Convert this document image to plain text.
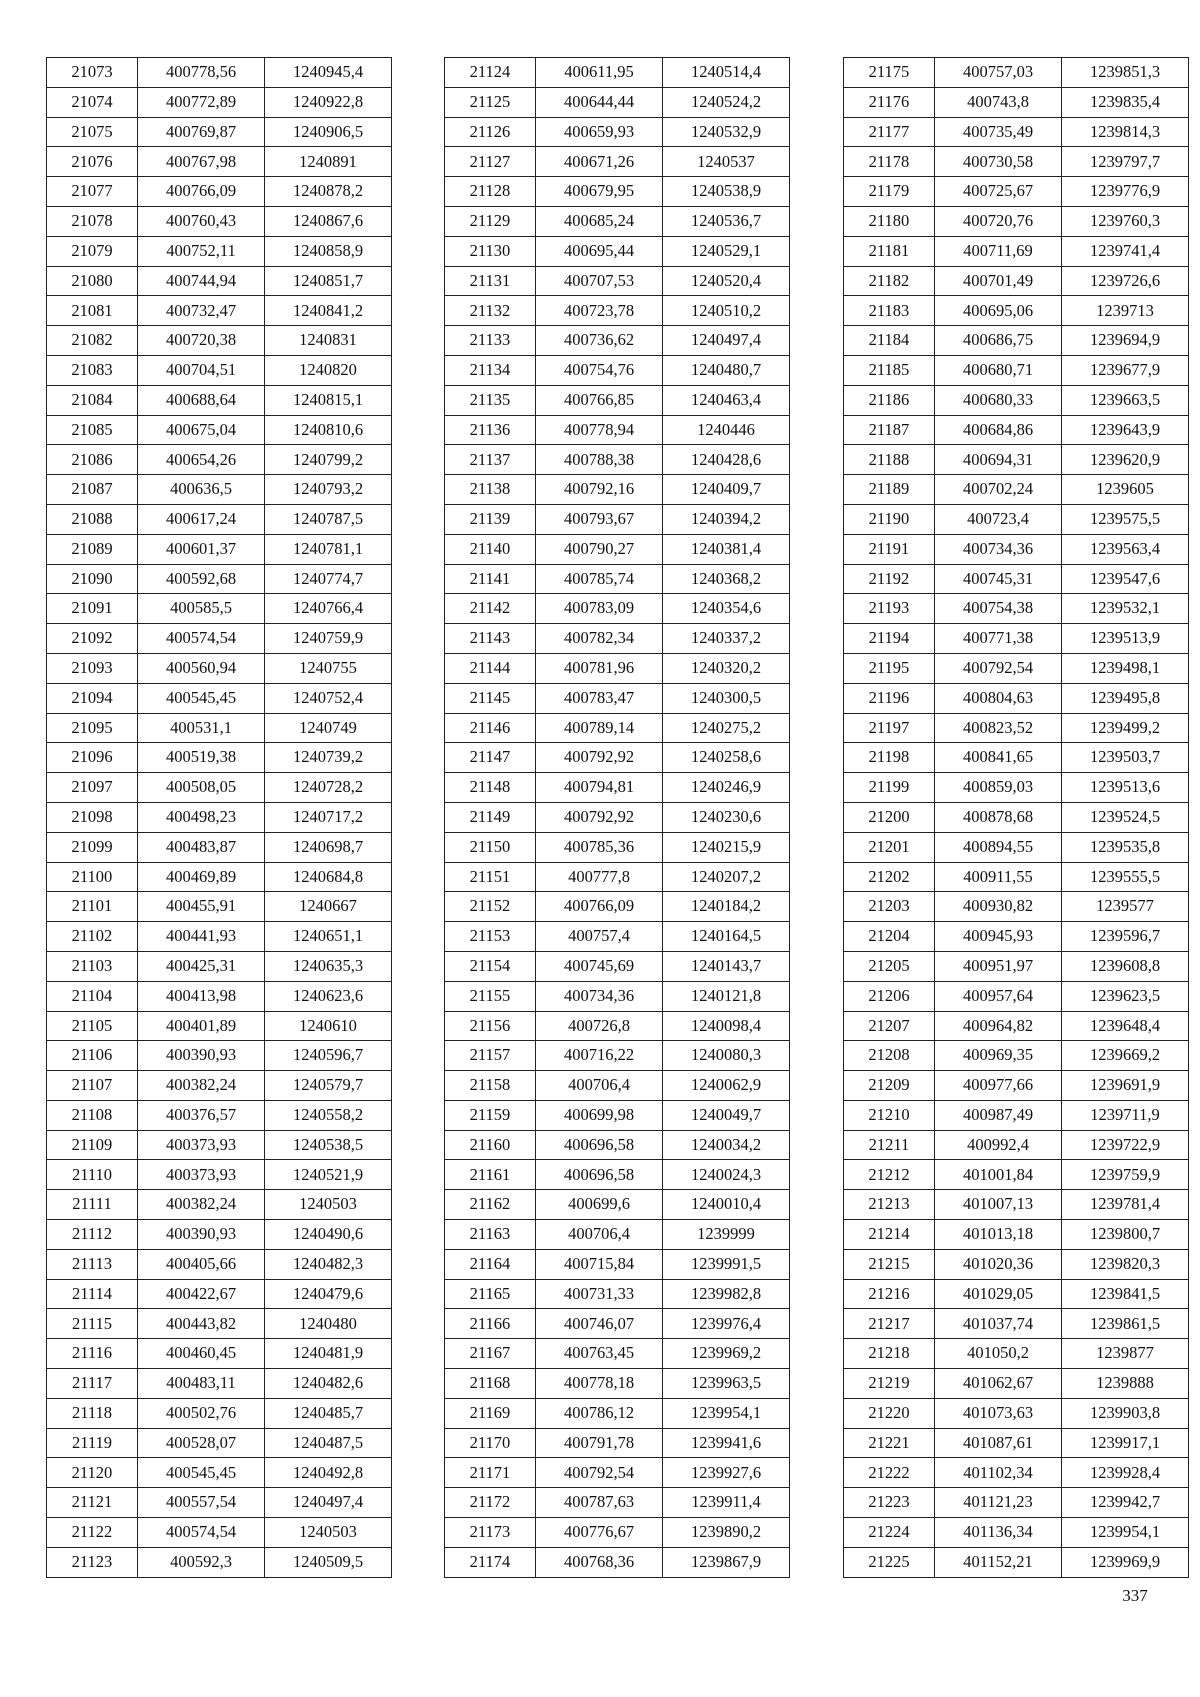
21073	400778,56	1240945,4
21074	400772,89	1240922,8
21075	400769,87	1240906,5
21076	400767,98	1240891
21077	400766,09	1240878,2
21078	400760,43	1240867,6
21079	400752,11	1240858,9
21080	400744,94	1240851,7
21081	400732,47	1240841,2
21082	400720,38	1240831
21083	400704,51	1240820
21084	400688,64	1240815,1
21085	400675,04	1240810,6
21086	400654,26	1240799,2
21087	400636,5	1240793,2
21088	400617,24	1240787,5
21089	400601,37	1240781,1
21090	400592,68	1240774,7
21091	400585,5	1240766,4
21092	400574,54	1240759,9
21093	400560,94	1240755
21094	400545,45	1240752,4
21095	400531,1	1240749
21096	400519,38	1240739,2
21097	400508,05	1240728,2
21098	400498,23	1240717,2
21099	400483,87	1240698,7
21100	400469,89	1240684,8
21101	400455,91	1240667
21102	400441,93	1240651,1
21103	400425,31	1240635,3
21104	400413,98	1240623,6
21105	400401,89	1240610
21106	400390,93	1240596,7
21107	400382,24	1240579,7
21108	400376,57	1240558,2
21109	400373,93	1240538,5
21110	400373,93	1240521,9
21111	400382,24	1240503
21112	400390,93	1240490,6
21113	400405,66	1240482,3
21114	400422,67	1240479,6
21115	400443,82	1240480
21116	400460,45	1240481,9
21117	400483,11	1240482,6
21118	400502,76	1240485,7
21119	400528,07	1240487,5
21120	400545,45	1240492,8
21121	400557,54	1240497,4
21122	400574,54	1240503
21123	400592,3	1240509,5
21124	400611,95	1240514,4
21125	400644,44	1240524,2
21126	400659,93	1240532,9
21127	400671,26	1240537
21128	400679,95	1240538,9
21129	400685,24	1240536,7
21130	400695,44	1240529,1
21131	400707,53	1240520,4
21132	400723,78	1240510,2
21133	400736,62	1240497,4
21134	400754,76	1240480,7
21135	400766,85	1240463,4
21136	400778,94	1240446
21137	400788,38	1240428,6
21138	400792,16	1240409,7
21139	400793,67	1240394,2
21140	400790,27	1240381,4
21141	400785,74	1240368,2
21142	400783,09	1240354,6
21143	400782,34	1240337,2
21144	400781,96	1240320,2
21145	400783,47	1240300,5
21146	400789,14	1240275,2
21147	400792,92	1240258,6
21148	400794,81	1240246,9
21149	400792,92	1240230,6
21150	400785,36	1240215,9
21151	400777,8	1240207,2
21152	400766,09	1240184,2
21153	400757,4	1240164,5
21154	400745,69	1240143,7
21155	400734,36	1240121,8
21156	400726,8	1240098,4
21157	400716,22	1240080,3
21158	400706,4	1240062,9
21159	400699,98	1240049,7
21160	400696,58	1240034,2
21161	400696,58	1240024,3
21162	400699,6	1240010,4
21163	400706,4	1239999
21164	400715,84	1239991,5
21165	400731,33	1239982,8
21166	400746,07	1239976,4
21167	400763,45	1239969,2
21168	400778,18	1239963,5
21169	400786,12	1239954,1
21170	400791,78	1239941,6
21171	400792,54	1239927,6
21172	400787,63	1239911,4
21173	400776,67	1239890,2
21174	400768,36	1239867,9
21175	400757,03	1239851,3
21176	400743,8	1239835,4
21177	400735,49	1239814,3
21178	400730,58	1239797,7
21179	400725,67	1239776,9
21180	400720,76	1239760,3
21181	400711,69	1239741,4
21182	400701,49	1239726,6
21183	400695,06	1239713
21184	400686,75	1239694,9
21185	400680,71	1239677,9
21186	400680,33	1239663,5
21187	400684,86	1239643,9
21188	400694,31	1239620,9
21189	400702,24	1239605
21190	400723,4	1239575,5
21191	400734,36	1239563,4
21192	400745,31	1239547,6
21193	400754,38	1239532,1
21194	400771,38	1239513,9
21195	400792,54	1239498,1
21196	400804,63	1239495,8
21197	400823,52	1239499,2
21198	400841,65	1239503,7
21199	400859,03	1239513,6
21200	400878,68	1239524,5
21201	400894,55	1239535,8
21202	400911,55	1239555,5
21203	400930,82	1239577
21204	400945,93	1239596,7
21205	400951,97	1239608,8
21206	400957,64	1239623,5
21207	400964,82	1239648,4
21208	400969,35	1239669,2
21209	400977,66	1239691,9
21210	400987,49	1239711,9
21211	400992,4	1239722,9
21212	401001,84	1239759,9
21213	401007,13	1239781,4
21214	401013,18	1239800,7
21215	401020,36	1239820,3
21216	401029,05	1239841,5
21217	401037,74	1239861,5
21218	401050,2	1239877
21219	401062,67	1239888
21220	401073,63	1239903,8
21221	401087,61	1239917,1
21222	401102,34	1239928,4
21223	401121,23	1239942,7
21224	401136,34	1239954,1
21225	401152,21	1239969,9
337
